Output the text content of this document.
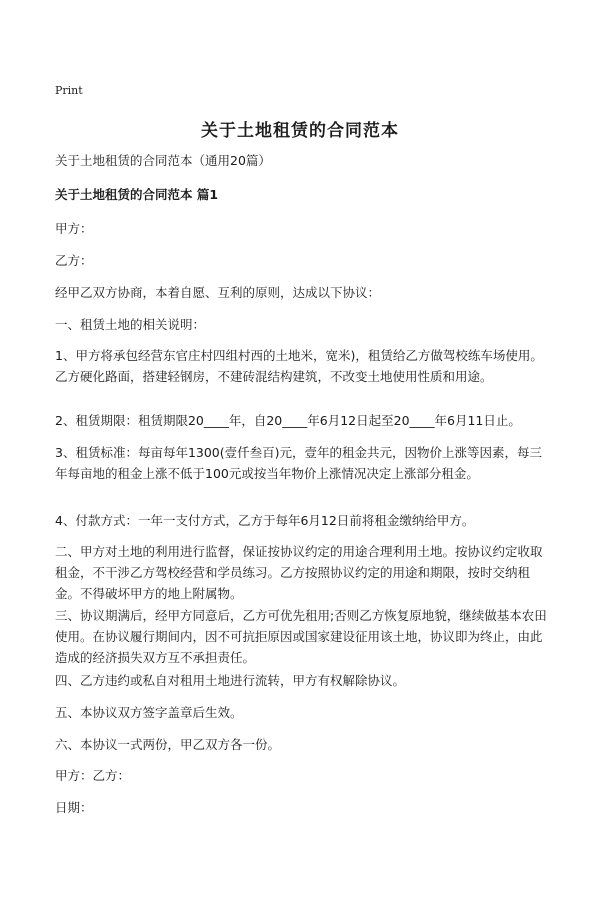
Print
关于土地租赁的合同范本
关于土地租赁的合同范本（通用20篇）
关于土地租赁的合同范本 篇1
甲方：
乙方：
经甲乙双方协商，本着自愿、互利的原则，达成以下协议：
一、租赁土地的相关说明：
1、甲方将承包经营东官庄村四组村西的土地米，宽米)，租赁给乙方做驾校练车场使用。乙方硬化路面，搭建轻钢房，不建砖混结构建筑，不改变土地使用性质和用途。
2、租赁期限：租赁期限20____年，自20____年6月12日起至20____年6月11日止。
3、租赁标准：每亩每年1300(壹仟叁百)元，壹年的租金共元，因物价上涨等因素，每三年每亩地的租金上涨不低于100元或按当年物价上涨情况决定上涨部分租金。
4、付款方式：一年一支付方式，乙方于每年6月12日前将租金缴纳给甲方。
二、甲方对土地的利用进行监督，保证按协议约定的用途合理利用土地。按协议约定收取租金，不干涉乙方驾校经营和学员练习。乙方按照协议约定的用途和期限，按时交纳租金。不得破坏甲方的地上附属物。
三、协议期满后，经甲方同意后，乙方可优先租用;否则乙方恢复原地貌，继续做基本农田使用。在协议履行期间内，因不可抗拒原因或国家建设征用该土地，协议即为终止，由此造成的经济损失双方互不承担责任。
四、乙方违约或私自对租用土地进行流转，甲方有权解除协议。
五、本协议双方签字盖章后生效。
六、本协议一式两份，甲乙双方各一份。
甲方：乙方：
日期：
